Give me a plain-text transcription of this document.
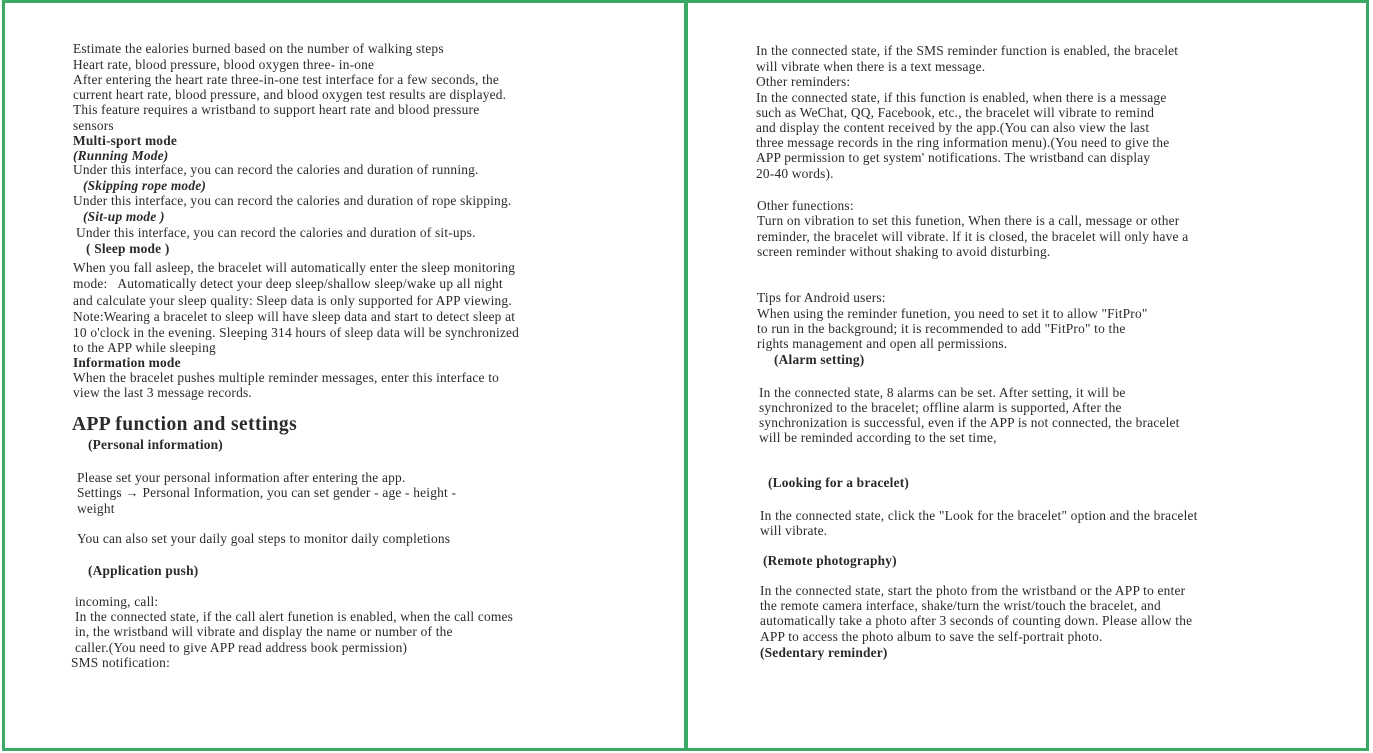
Estimate the ealories burned based on the number of walking steps
Heart rate, blood pressure, blood oxygen three- in-one
After entering the heart rate three-in-one test interface for a few seconds, the
current heart rate, blood pressure, and blood oxygen test results are displayed.
This feature requires a wristband to support heart rate and blood pressure
sensors
Multi-sport mode
(Running Mode)
Under this interface, you can record the calories and duration of running.
(Skipping rope mode)
Under this interface, you can record the calories and duration of rope skipping.
(Sit-up mode )
Under this interface, you can record the calories and duration of sit-ups.
( Sleep mode )
When you fall asleep, the bracelet will automatically enter the sleep monitoring
mode:   Automatically detect your deep sleep/shallow sleep/wake up all night
and calculate your sleep quality: Sleep data is only supported for APP viewing.
Note:Wearing a bracelet to sleep will have sleep data and start to detect sleep at
10 o'clock in the evening. Sleeping 314 hours of sleep data will be synchronized
to the APP while sleeping
Information mode
When the bracelet pushes multiple reminder messages, enter this interface to
view the last 3 message records.
APP function and settings
(Personal information)
Please set your personal information after entering the app.
Settings → Personal Information, you can set gender - age - height -
weight
You can also set your daily goal steps to monitor daily completions
(Application push)
incoming, call:
In the connected state, if the call alert funetion is enabled, when the call comes
in, the wristband will vibrate and display the name or number of the
caller.(You need to give APP read address book permission)
SMS notification:
In the connected state, if the SMS reminder function is enabled, the bracelet
will vibrate when there is a text message.
Other reminders:
In the connected state, if this function is enabled, when there is a message
such as WeChat, QQ, Facebook, etc., the bracelet will vibrate to remind
and display the content received by the app.(You can also view the last
three message records in the ring information menu).(You need to give the
APP permission to get system' notifications. The wristband can display
20-40 words).
Other funections:
Turn on vibration to set this funetion, When there is a call, message or other
reminder, the bracelet will vibrate. lf it is closed, the bracelet will only have a
screen reminder without shaking to avoid disturbing.
Tips for Android users:
When using the reminder funetion, you need to set it to allow "FitPro"
to run in the background; it is recommended to add "FitPro" to the
rights management and open all permissions.
(Alarm setting)
In the connected state, 8 alarms can be set. After setting, it will be
synchronized to the bracelet; offline alarm is supported, After the
synchronization is successful, even if the APP is not connected, the bracelet
will be reminded according to the set time,
(Looking for a bracelet)
In the connected state, click the "Look for the bracelet" option and the bracelet
will vibrate.
(Remote photography)
In the connected state, start the photo from the wristband or the APP to enter
the remote camera interface, shake/turn the wrist/touch the bracelet, and
automatically take a photo after 3 seconds of counting down. Please allow the
APP to access the photo album to save the self-portrait photo.
(Sedentary reminder)
